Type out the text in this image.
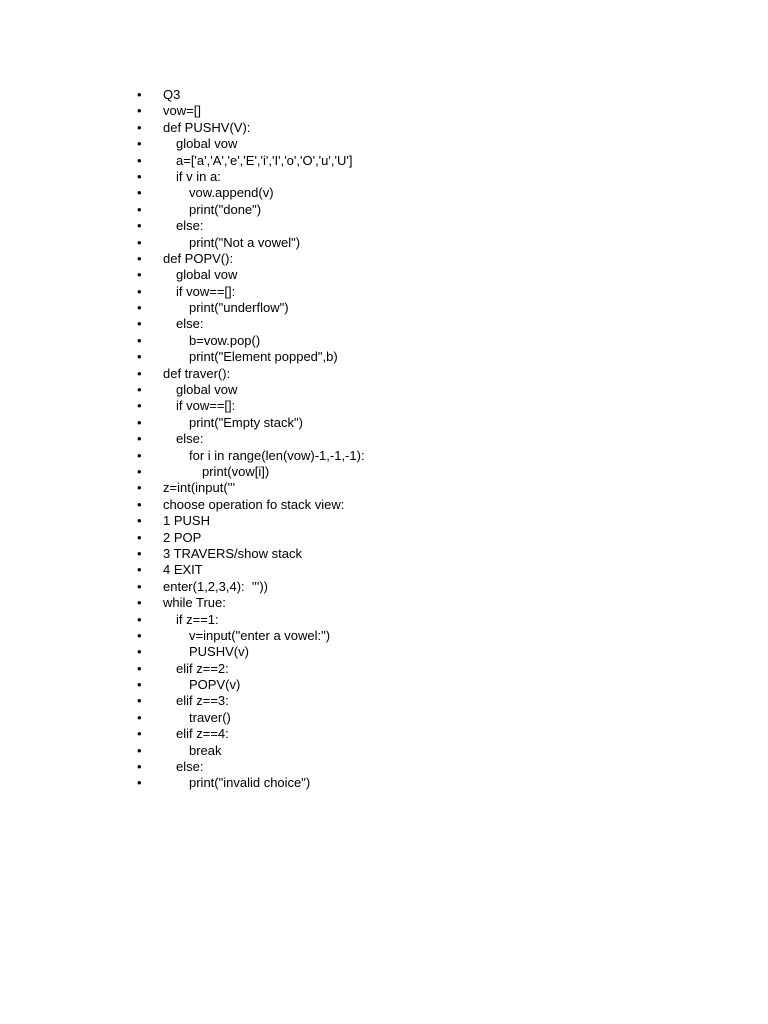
•	Q3
•	vow=[]
•	def PUSHV(V):
•	global vow
•	a=['a','A','e','E','i','I','o','O','u','U']
•	if v in a:
•	vow.append(v)
•	print("done")
•	else:
•	print("Not a vowel")
•	def POPV():
•	global vow
•	if vow==[]:
•	print("underflow")
•	else:
•	b=vow.pop()
•	print("Element popped",b)
•	def traver():
•	global vow
•	if vow==[]:
•	print("Empty stack")
•	else:
•	for i in range(len(vow)-1,-1,-1):
•	print(vow[i])
•	z=int(input('''
•	choose operation fo stack view:
•	1 PUSH
•	2 POP
•	3 TRAVERS/show stack
•	4 EXIT
•	enter(1,2,3,4):  '''))
•	while True:
•	if z==1:
•	v=input("enter a vowel:")
•	PUSHV(v)
•	elif z==2:
•	POPV(v)
•	elif z==3:
•	traver()
•	elif z==4:
•	break
•	else:
•	print("invalid choice")
